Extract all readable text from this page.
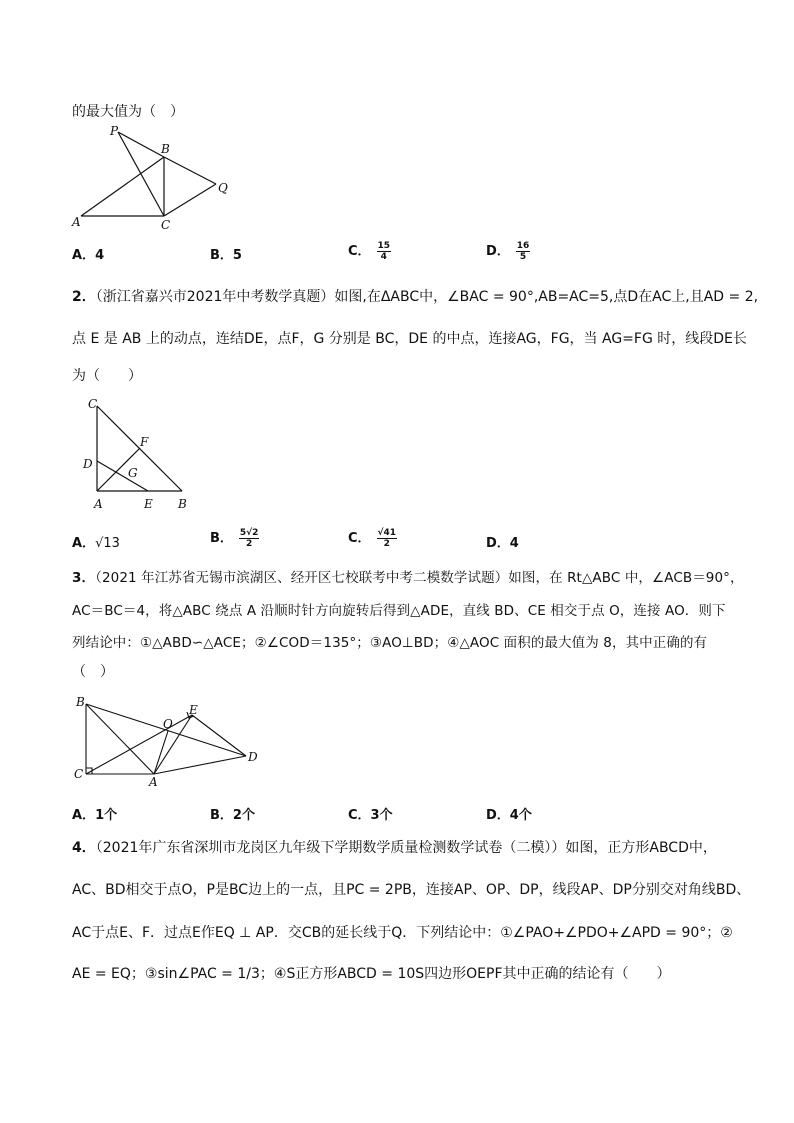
的最大值为（　）
P
B
Q
A	C
A．4	B．5	C． $\frac{15}{4}$	D． $\frac{16}{5}$
2．（浙江省嘉兴市2021年中考数学真题）如图,在ΔABC中，∠BAC = 90°,AB=AC=5,点D在AC上,且AD = 2,
点 E 是 AB 上的动点，连结DE，点F，G 分别是 BC，DE 的中点，连接AG，FG，当 AG=FG 时，线段DE长
为（　　）
C
F
D
G
A	E B
A．√13	B． $\frac{5√2}{2}$	C． $\frac{√41}{2}$	D．4
3．（2021 年江苏省无锡市滨湖区、经开区七校联考中考二模数学试题）如图，在 Rt△ABC 中，∠ACB＝90°，
AC＝BC＝4，将△ABC 绕点 A 沿顺时针方向旋转后得到△ADE，直线 BD、CE 相交于点 O，连接 AO．则下
列结论中：①△ABD∽△ACE；②∠COD＝135°；③AO⊥BD；④△AOC 面积的最大值为 8，其中正确的有
（　）
B
O
E
D
C
A
A．1个	B．2个	C．3个	D．4个
4．（2021年广东省深圳市龙岗区九年级下学期数学质量检测数学试卷（二模））如图，正方形ABCD中，
AC、BD相交于点O，P是BC边上的一点，且PC = 2PB，连接AP、OP、DP，线段AP、DP分别交对角线BD、
AC于点E、F．过点E作EQ ⊥ AP．交CB的延长线于Q．下列结论中：①∠PAO+∠PDO+∠APD = 90°；②
AE = EQ；③sin∠PAC = 1/3；④S正方形ABCD = 10S四边形OEPF其中正确的结论有（　　）
